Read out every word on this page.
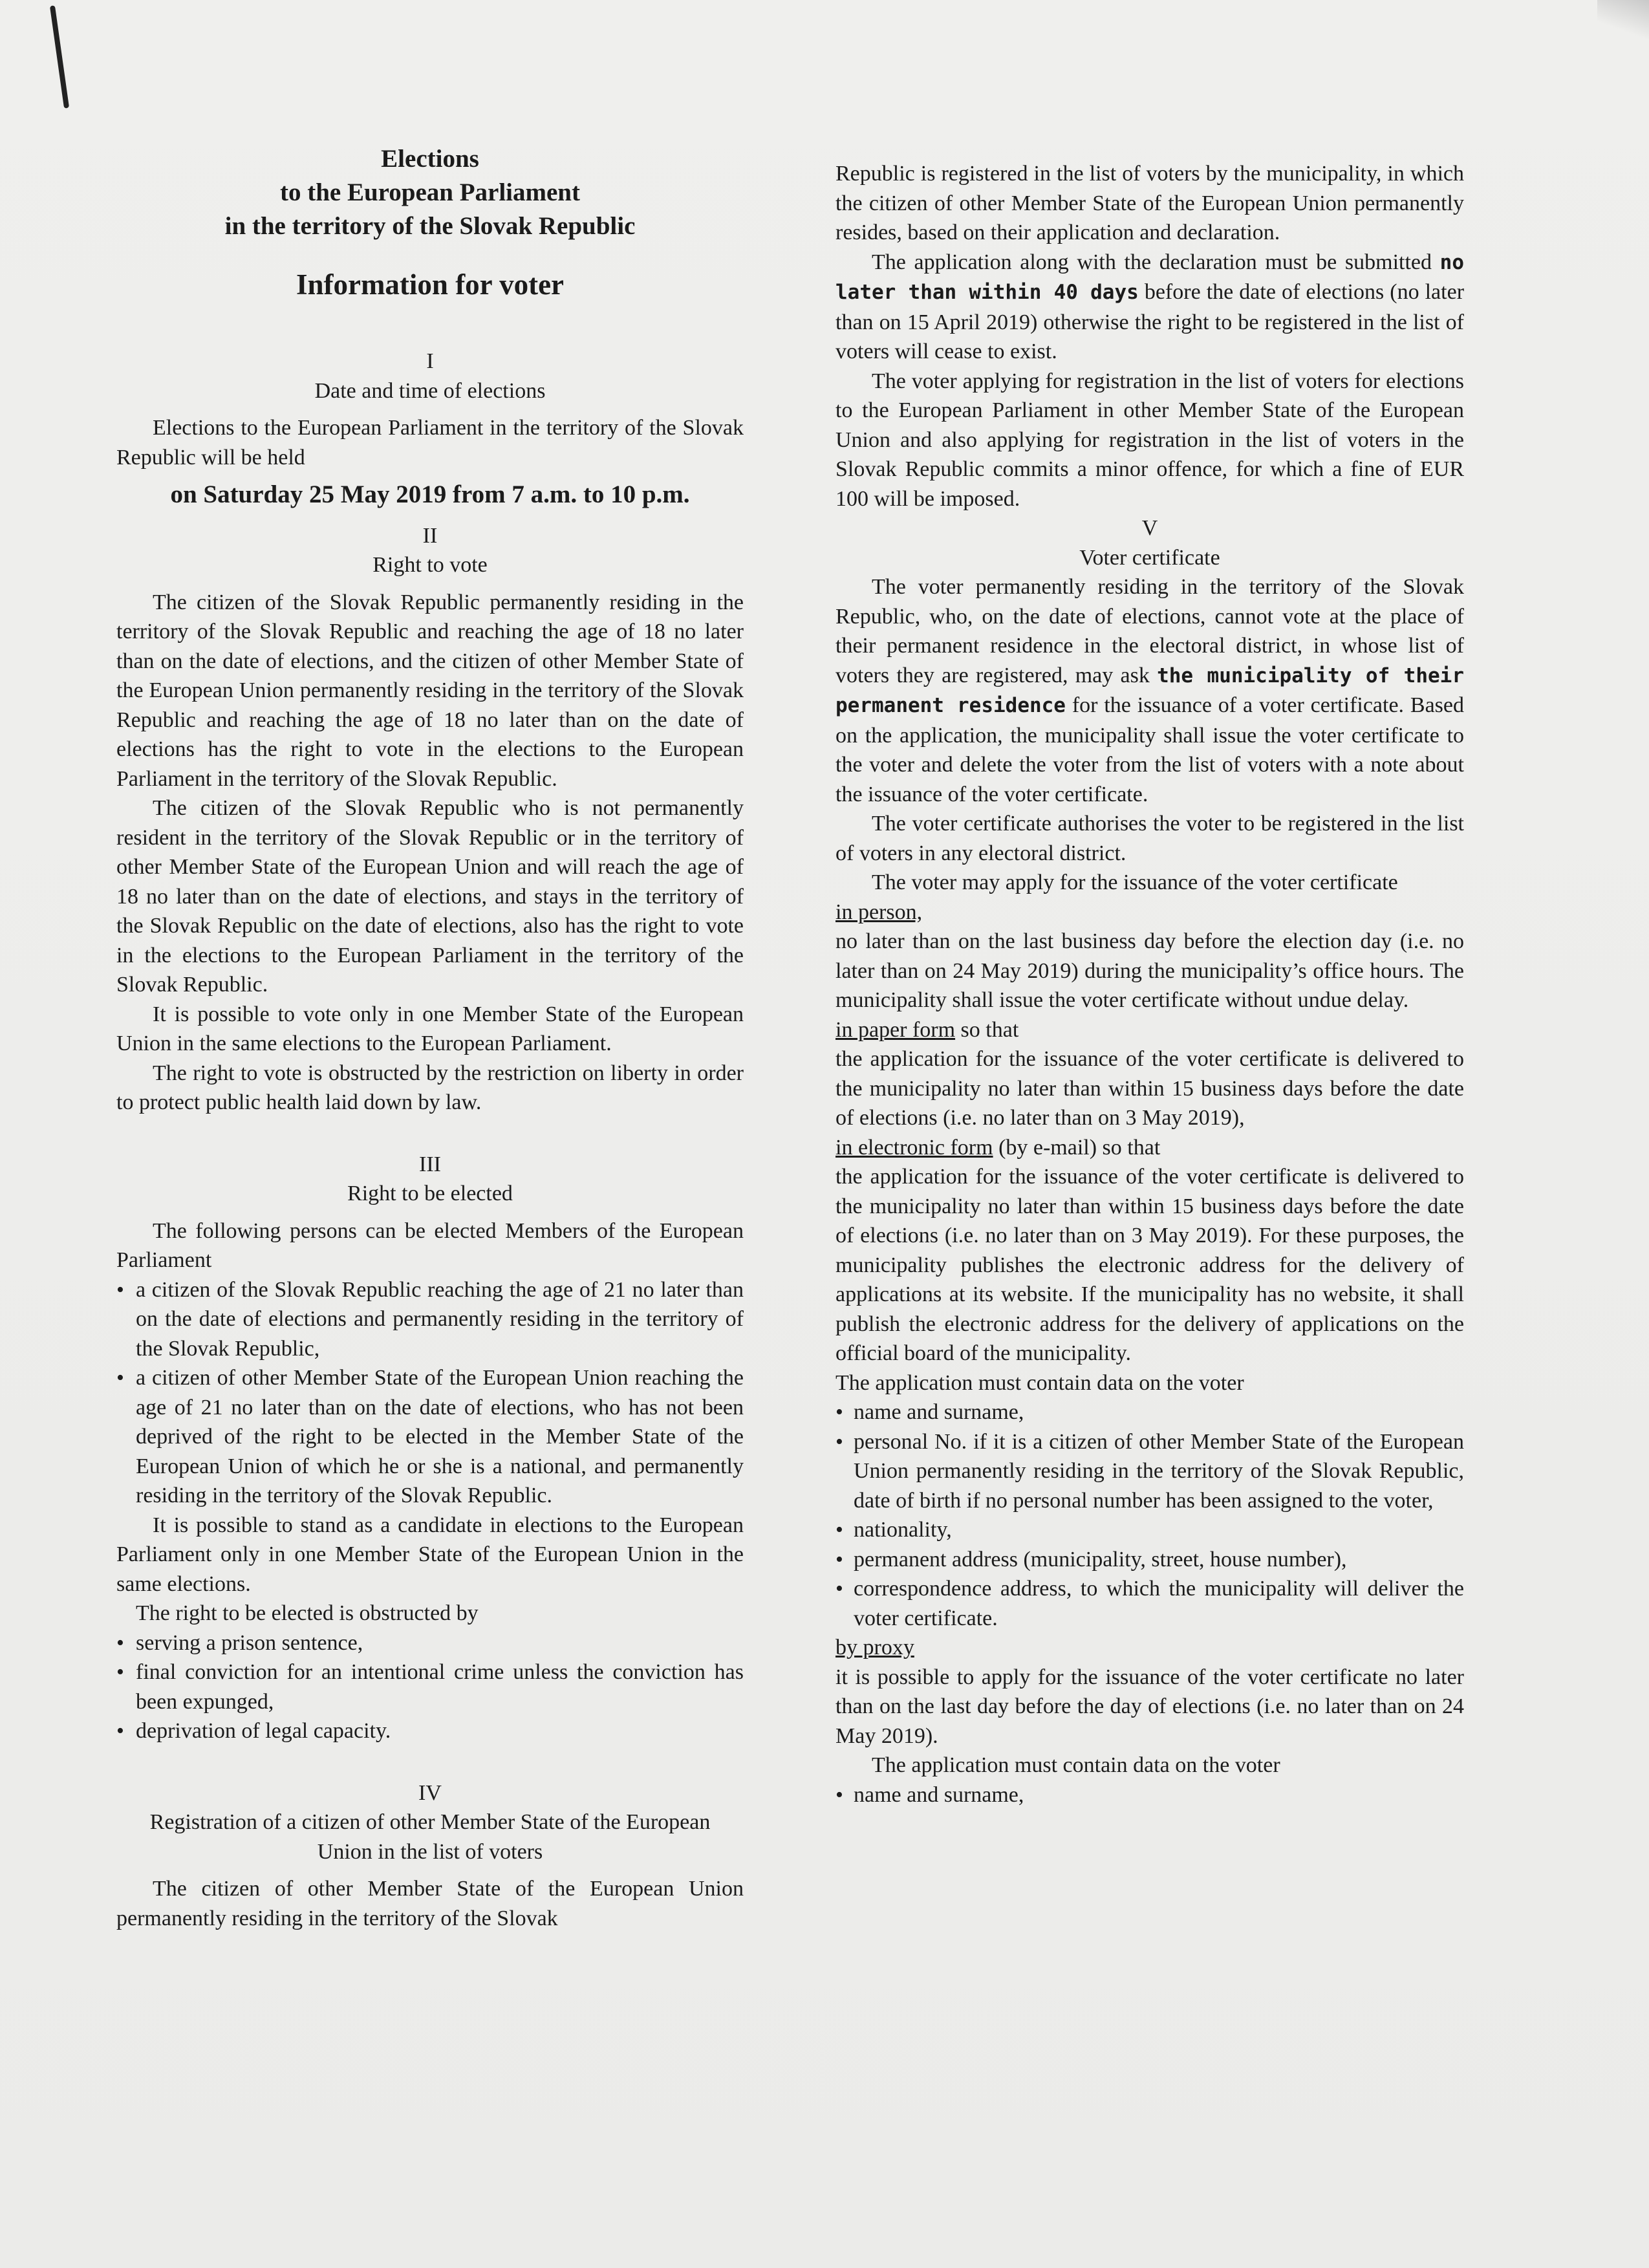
Elections
to the European Parliament
in the territory of the Slovak Republic
Information for voter
I
Date and time of elections

Elections to the European Parliament in the territory of the Slovak Republic will be held

on Saturday 25 May 2019 from 7 a.m. to 10 p.m.
II
Right to vote

The citizen of the Slovak Republic permanently residing in the territory of the Slovak Republic and reaching the age of 18 no later than on the date of elections, and the citizen of other Member State of the European Union permanently residing in the territory of the Slovak Republic and reaching the age of 18 no later than on the date of elections has the right to vote in the elections to the European Parliament in the territory of the Slovak Republic.

The citizen of the Slovak Republic who is not permanently resident in the territory of the Slovak Republic or in the territory of other Member State of the European Union and will reach the age of 18 no later than on the date of elections, and stays in the territory of the Slovak Republic on the date of elections, also has the right to vote in the elections to the European Parliament in the territory of the Slovak Republic.

It is possible to vote only in one Member State of the European Union in the same elections to the European Parliament.

The right to vote is obstructed by the restriction on liberty in order to protect public health laid down by law.

III
Right to be elected

The following persons can be elected Members of the European Parliament

• a citizen of the Slovak Republic reaching the age of 21 no later than on the date of elections and permanently residing in the territory of the Slovak Republic,
• a citizen of other Member State of the European Union reaching the age of 21 no later than on the date of elections, who has not been deprived of the right to be elected in the Member State of the European Union of which he or she is a national, and permanently residing in the territory of the Slovak Republic.

It is possible to stand as a candidate in elections to the European Parliament only in one Member State of the European Union in the same elections.

The right to be elected is obstructed by

• serving a prison sentence,
• final conviction for an intentional crime unless the conviction has been expunged,
• deprivation of legal capacity.
IV
Registration of a citizen of other Member State of the European Union in the list of voters

The citizen of other Member State of the European Union permanently residing in the territory of the Slovak

Republic is registered in the list of voters by the municipality, in which the citizen of other Member State of the European Union permanently resides, based on their application and declaration.

The application along with the declaration must be submitted no later than within 40 days before the date of elections (no later than on 15 April 2019) otherwise the right to be registered in the list of voters will cease to exist.

The voter applying for registration in the list of voters for elections to the European Parliament in other Member State of the European Union and also applying for registration in the list of voters in the Slovak Republic commits a minor offence, for which a fine of EUR 100 will be imposed.

V
Voter certificate

The voter permanently residing in the territory of the Slovak Republic, who, on the date of elections, cannot vote at the place of their permanent residence in the electoral district, in whose list of voters they are registered, may ask the municipality of their permanent residence for the issuance of a voter certificate. Based on the application, the municipality shall issue the voter certificate to the voter and delete the voter from the list of voters with a note about the issuance of the voter certificate.

The voter certificate authorises the voter to be registered in the list of voters in any electoral district.

The voter may apply for the issuance of the voter certificate

in person,

no later than on the last business day before the election day (i.e. no later than on 24 May 2019) during the municipality’s office hours. The municipality shall issue the voter certificate without undue delay.

in paper form so that

the application for the issuance of the voter certificate is delivered to the municipality no later than within 15 business days before the date of elections (i.e. no later than on 3 May 2019),

in electronic form (by e-mail) so that

the application for the issuance of the voter certificate is delivered to the municipality no later than within 15 business days before the date of elections (i.e. no later than on 3 May 2019). For these purposes, the municipality publishes the electronic address for the delivery of applications at its website. If the municipality has no website, it shall publish the electronic address for the delivery of applications on the official board of the municipality.

The application must contain data on the voter

• name and surname,
• personal No. if it is a citizen of other Member State of the European Union permanently residing in the territory of the Slovak Republic, date of birth if no personal number has been assigned to the voter,
• nationality,
• permanent address (municipality, street, house number),
• correspondence address, to which the municipality will deliver the voter certificate.

by proxy

it is possible to apply for the issuance of the voter certificate no later than on the last day before the day of elections (i.e. no later than on 24 May 2019).

The application must contain data on the voter

• name and surname,
